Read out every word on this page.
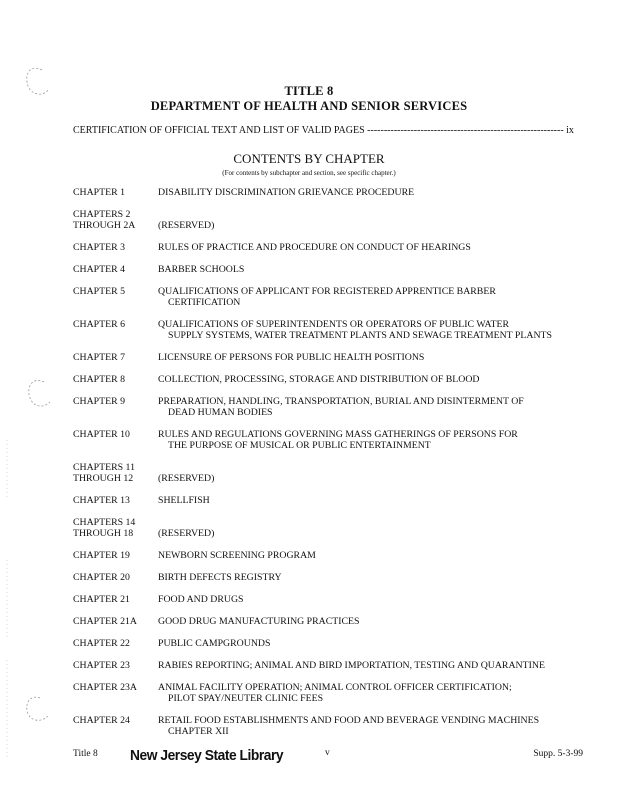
TITLE 8
DEPARTMENT OF HEALTH AND SENIOR SERVICES
CERTIFICATION OF OFFICIAL TEXT AND LIST OF VALID PAGES ----------------------------------------------------------- ix
CONTENTS BY CHAPTER
(For contents by subchapter and section, see specific chapter.)
CHAPTER 1	DISABILITY DISCRIMINATION GRIEVANCE PROCEDURE
CHAPTERS 2
THROUGH 2A
	(RESERVED)
CHAPTER 3	RULES OF PRACTICE AND PROCEDURE ON CONDUCT OF HEARINGS
CHAPTER 4	BARBER SCHOOLS
CHAPTER 5	QUALIFICATIONS OF APPLICANT FOR REGISTERED APPRENTICE BARBER
CERTIFICATION
CHAPTER 6	QUALIFICATIONS OF SUPERINTENDENTS OR OPERATORS OF PUBLIC WATER
SUPPLY SYSTEMS, WATER TREATMENT PLANTS AND SEWAGE TREATMENT PLANTS
CHAPTER 7	LICENSURE OF PERSONS FOR PUBLIC HEALTH POSITIONS
CHAPTER 8	COLLECTION, PROCESSING, STORAGE AND DISTRIBUTION OF BLOOD
CHAPTER 9	PREPARATION, HANDLING, TRANSPORTATION, BURIAL AND DISINTERMENT OF
DEAD HUMAN BODIES
CHAPTER 10	RULES AND REGULATIONS GOVERNING MASS GATHERINGS OF PERSONS FOR
THE PURPOSE OF MUSICAL OR PUBLIC ENTERTAINMENT
CHAPTERS 11
THROUGH 12
	(RESERVED)
CHAPTER 13	SHELLFISH
CHAPTERS 14
THROUGH 18
	(RESERVED)
CHAPTER 19	NEWBORN SCREENING PROGRAM
CHAPTER 20	BIRTH DEFECTS REGISTRY
CHAPTER 21	FOOD AND DRUGS
CHAPTER 21A	GOOD DRUG MANUFACTURING PRACTICES
CHAPTER 22	PUBLIC CAMPGROUNDS
CHAPTER 23	RABIES REPORTING; ANIMAL AND BIRD IMPORTATION, TESTING AND QUARANTINE
CHAPTER 23A	ANIMAL FACILITY OPERATION; ANIMAL CONTROL OFFICER CERTIFICATION;
PILOT SPAY/NEUTER CLINIC FEES
CHAPTER 24	RETAIL FOOD ESTABLISHMENTS AND FOOD AND BEVERAGE VENDING MACHINES
CHAPTER XII
Title 8 New Jersey State Library	v	Supp. 5-3-99
